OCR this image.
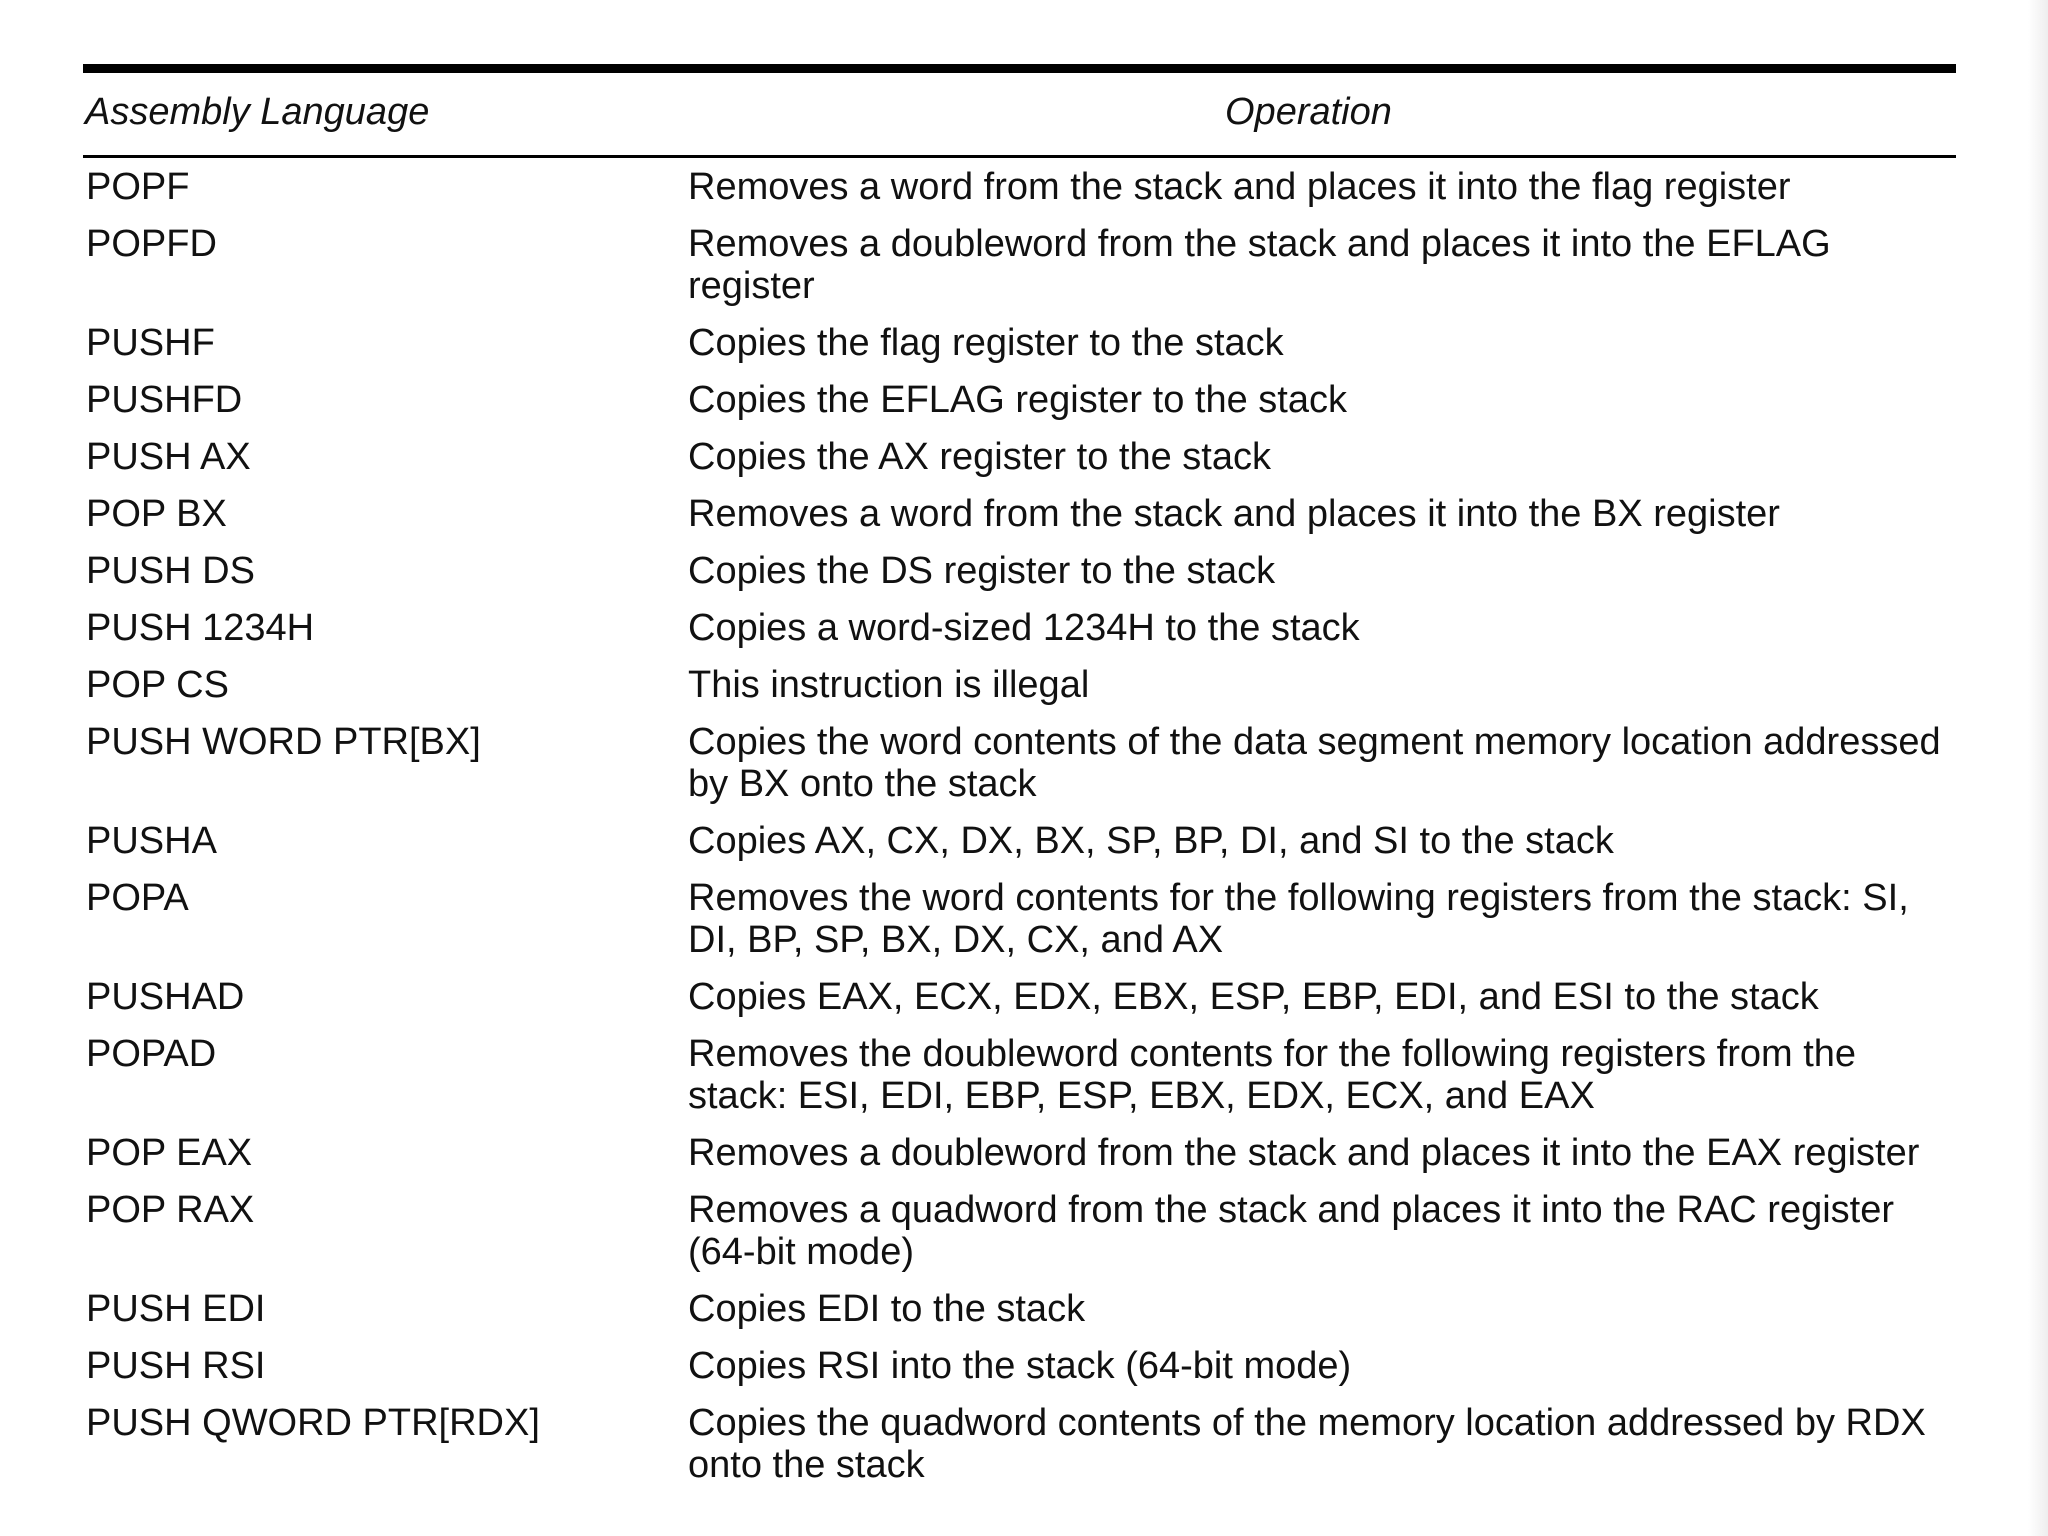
Assembly Language	Operation
POPF	Removes a word from the stack and places it into the flag register
POPFD	Removes a doubleword from the stack and places it into the EFLAG register
PUSHF	Copies the flag register to the stack
PUSHFD	Copies the EFLAG register to the stack
PUSH AX	Copies the AX register to the stack
POP BX	Removes a word from the stack and places it into the BX register
PUSH DS	Copies the DS register to the stack
PUSH 1234H	Copies a word-sized 1234H to the stack
POP CS	This instruction is illegal
PUSH WORD PTR[BX]	Copies the word contents of the data segment memory location addressed by BX onto the stack
PUSHA	Copies AX, CX, DX, BX, SP, BP, DI, and SI to the stack
POPA	Removes the word contents for the following registers from the stack: SI, DI, BP, SP, BX, DX, CX, and AX
PUSHAD	Copies EAX, ECX, EDX, EBX, ESP, EBP, EDI, and ESI to the stack
POPAD	Removes the doubleword contents for the following registers from the stack: ESI, EDI, EBP, ESP, EBX, EDX, ECX, and EAX
POP EAX	Removes a doubleword from the stack and places it into the EAX register
POP RAX	Removes a quadword from the stack and places it into the RAC register (64-bit mode)
PUSH EDI	Copies EDI to the stack
PUSH RSI	Copies RSI into the stack (64-bit mode)
PUSH QWORD PTR[RDX]	Copies the quadword contents of the memory location addressed by RDX onto the stack
